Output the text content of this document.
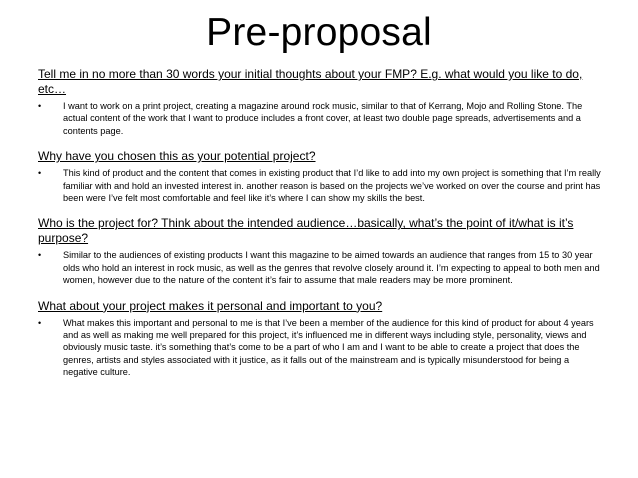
Pre-proposal
Tell me in no more than 30 words your initial thoughts about your FMP? E.g. what would you like to do, etc…
• I want to work on a print project, creating a magazine around rock music, similar to that of Kerrang, Mojo and Rolling Stone. The actual content of the work that I want to produce includes a front cover, at least two double page spreads, advertisements and a contents page.
Why have you chosen this as your potential project?
• This kind of product and the content that comes in existing product that I’d like to add into my own project is something that I’m really familiar with and hold an invested interest in. another reason is based on the projects we’ve worked on over the course and print has been were I’ve felt most comfortable and feel like it’s where I can show my skills the best.
Who is the project for? Think about the intended audience…basically, what’s the point of it/what is it’s purpose?
• Similar to the audiences of existing products I want this magazine to be aimed towards an audience that ranges from 15 to 30 year olds who hold an interest in rock music, as well as the genres that revolve closely around it. I’m expecting to appeal to both men and women, however due to the nature of the content it’s fair to assume that male readers may be more prominent.
What about your project makes it personal and important to you?
• What makes this important and personal to me is that I’ve been a member of the audience for this kind of product for about 4 years and as well as making me well prepared for this project, it’s influenced me in different ways including style, personality, views and obviously music taste. it’s something that’s come to be a part of who I am and I want to be able to create a project that does the genres, artists and styles associated with it justice, as it falls out of the mainstream and is typically misunderstood for being a negative culture.
